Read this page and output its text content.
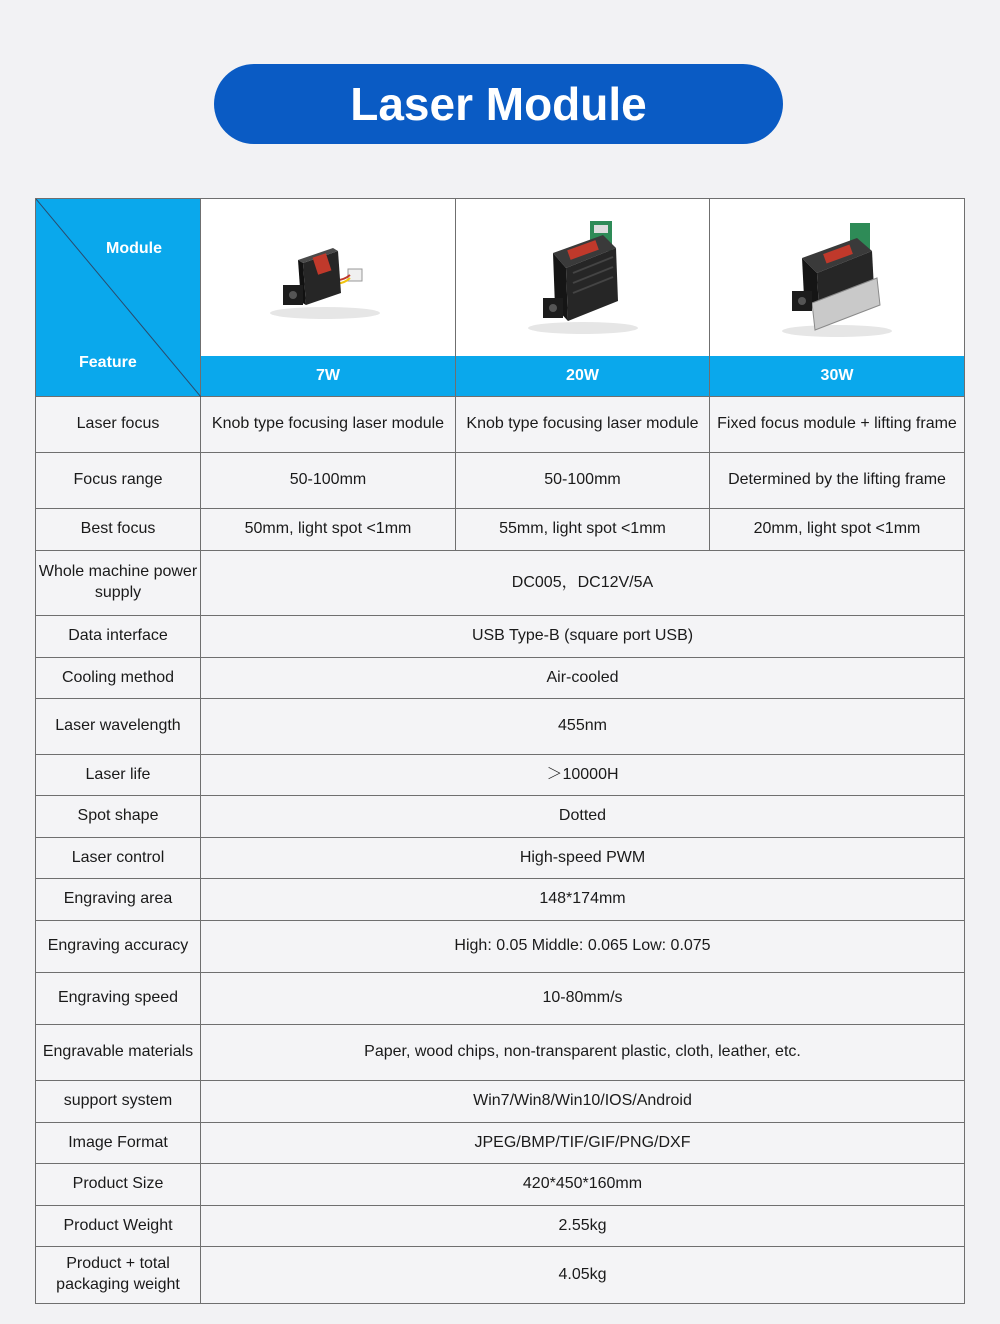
Laser Module
Module
Feature	7W	20W	30W

Laser focus	Knob type focusing laser module	Knob type focusing laser module	Fixed focus module + lifting frame
Focus range	50-100mm	50-100mm	Determined by the lifting frame
Best focus	50mm, light spot <1mm	55mm, light spot <1mm	20mm, light spot <1mm
Whole machine power supply	DC005，DC12V/5A		
Data interface	USB Type-B (square port USB)		
Cooling method	Air-cooled		
Laser wavelength	455nm		
Laser life	＞10000H		
Spot shape	Dotted		
Laser control	High-speed PWM		
Engraving area	148*174mm		
Engraving accuracy	High: 0.05 Middle: 0.065 Low: 0.075		
Engraving speed	10-80mm/s		
Engravable materials	Paper, wood chips, non-transparent plastic, cloth, leather, etc.		
support system	Win7/Win8/Win10/IOS/Android		
Image Format	JPEG/BMP/TIF/GIF/PNG/DXF		
Product Size	420*450*160mm		
Product Weight	2.55kg		
Product + total packaging weight	4.05kg		
